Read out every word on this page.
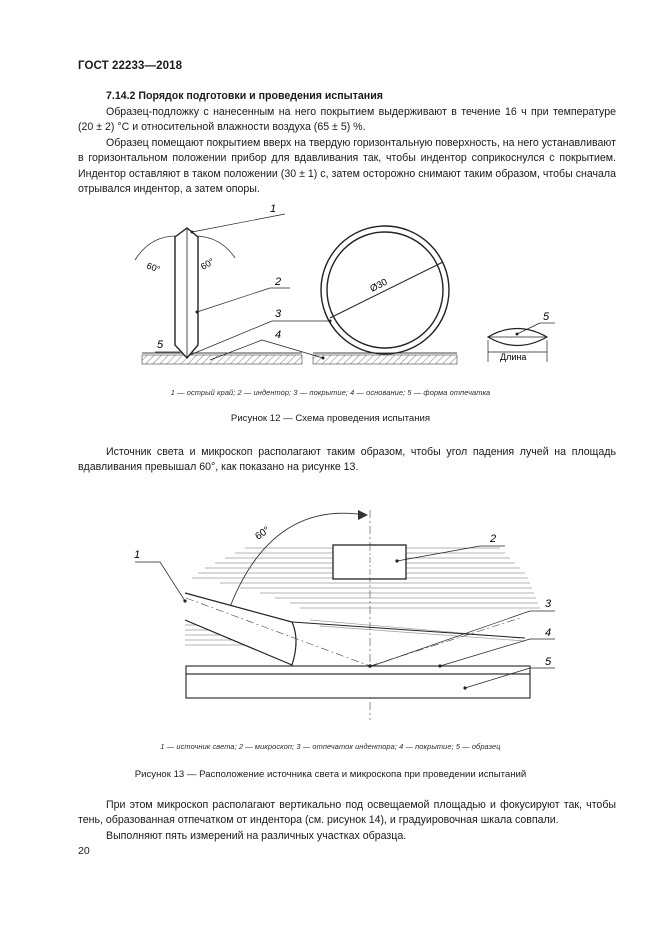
ГОСТ 22233—2018
7.14.2 Порядок подготовки и проведения испытания

Образец-подложку с нанесенным на него покрытием выдерживают в течение 16 ч при температуре (20 ± 2) °С и относительной влажности воздуха (65 ± 5) %.

Образец помещают покрытием вверх на твердую горизонтальную поверхность, на него устанавливают в горизонтальном положении прибор для вдавливания так, чтобы индентор соприкоснулся с покрытием. Индентор оставляют в таком положении (30 ± 1) с, затем осторожно снимают таким образом, чтобы сначала отрывался индентор, а затем опоры.

60°	60°
Ø30
Длина
1
2
3
4
5
5
1 — острый край; 2 — индентор; 3 — покрытие; 4 — основание; 5 — форма отпечатка
Рисунок 12 — Схема проведения испытания

Источник света и микроскоп располагают таким образом, чтобы угол падения лучей на площадь вдавливания превышал 60°, как показано на рисунке 13.

60°
1
2
3
4
5
1 — источник света; 2 — микроскоп; 3 — отпечаток индентора; 4 — покрытие; 5 — образец
Рисунок 13 — Расположение источника света и микроскопа при проведении испытаний

При этом микроскоп располагают вертикально под освещаемой площадью и фокусируют так, чтобы тень, образованная отпечатком от индентора (см. рисунок 14), и градуировочная шкала совпали.

Выполняют пять измерений на различных участках образца.

20
